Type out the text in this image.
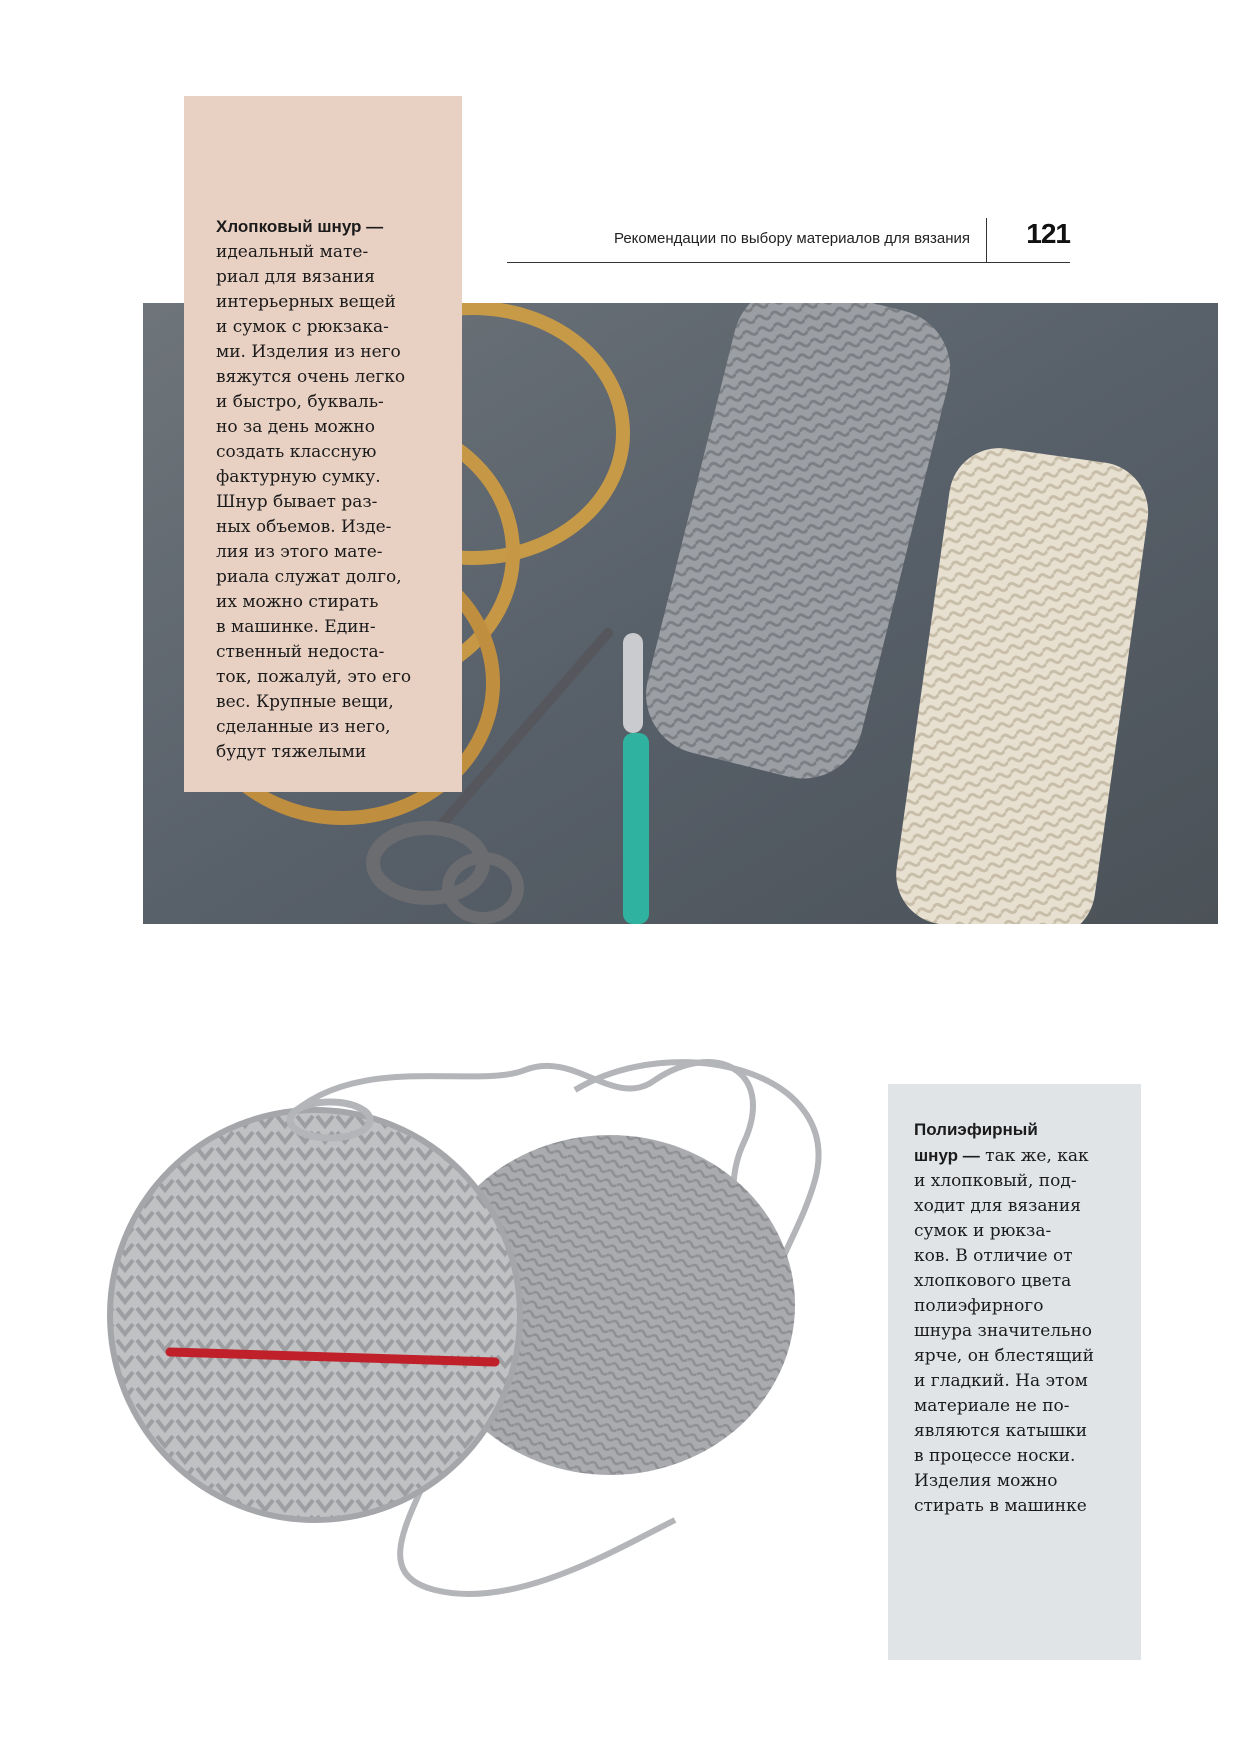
Рекомендации по выбору материалов для вязания	121

Хлопковый шнур —

идеальный мате-

риал для вязания

интерьерных вещей

и сумок с рюкзака-

ми. Изделия из него

вяжутся очень легко

и быстро, букваль-

но за день можно

создать классную

фактурную сумку.

Шнур бывает раз-

ных объемов. Изде-

лия из этого мате-

риала служат долго,

их можно стирать

в машинке. Един-

ственный недоста-

ток, пожалуй, это его

вес. Крупные вещи,

сделанные из него,

будут тяжелыми

Полиэфирный

шнур — так же, как

и хлопковый, под-

ходит для вязания

сумок и рюкза-

ков. В отличие от

хлопкового цвета

полиэфирного

шнура значительно

ярче, он блестящий

и гладкий. На этом

материале не по-

являются катышки

в процессе носки.

Изделия можно

стирать в машинке
